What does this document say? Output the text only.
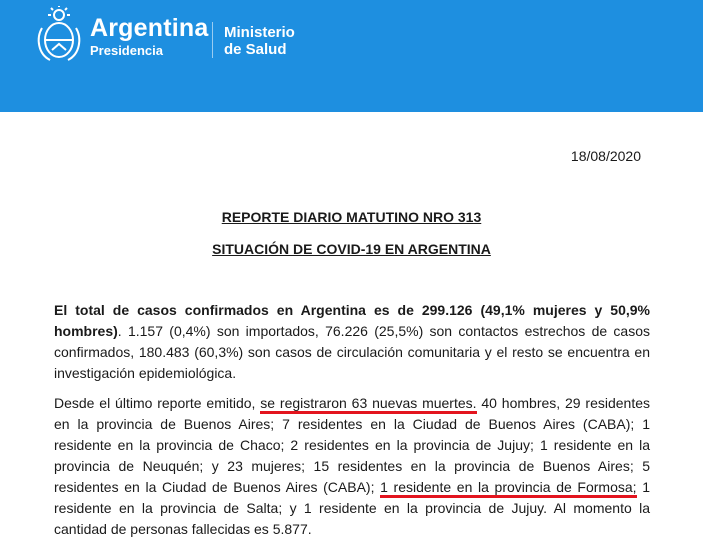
Argentina
Presidencia
Ministerio
de Salud
18/08/2020
REPORTE DIARIO MATUTINO NRO 313
SITUACIÓN DE COVID-19 EN ARGENTINA

El total de casos confirmados en Argentina es de 299.126 (49,1% mujeres y 50,9% hombres). 1.157 (0,4%) son importados, 76.226 (25,5%) son contactos estrechos de casos confirmados, 180.483 (60,3%) son casos de circulación comunitaria y el resto se encuentra en investigación epidemiológica.

Desde el último reporte emitido, se registraron 63 nuevas muertes. 40 hombres, 29 residentes en la provincia de Buenos Aires; 7 residentes en la Ciudad de Buenos Aires (CABA); 1 residente en la provincia de Chaco; 2 residentes en la provincia de Jujuy; 1 residente en la provincia de Neuquén; y 23 mujeres; 15 residentes en la provincia de Buenos Aires; 5 residentes en la Ciudad de Buenos Aires (CABA); 1 residente en la provincia de Formosa; 1 residente en la provincia de Salta; y 1 residente en la provincia de Jujuy. Al momento la cantidad de personas fallecidas es 5.877.
